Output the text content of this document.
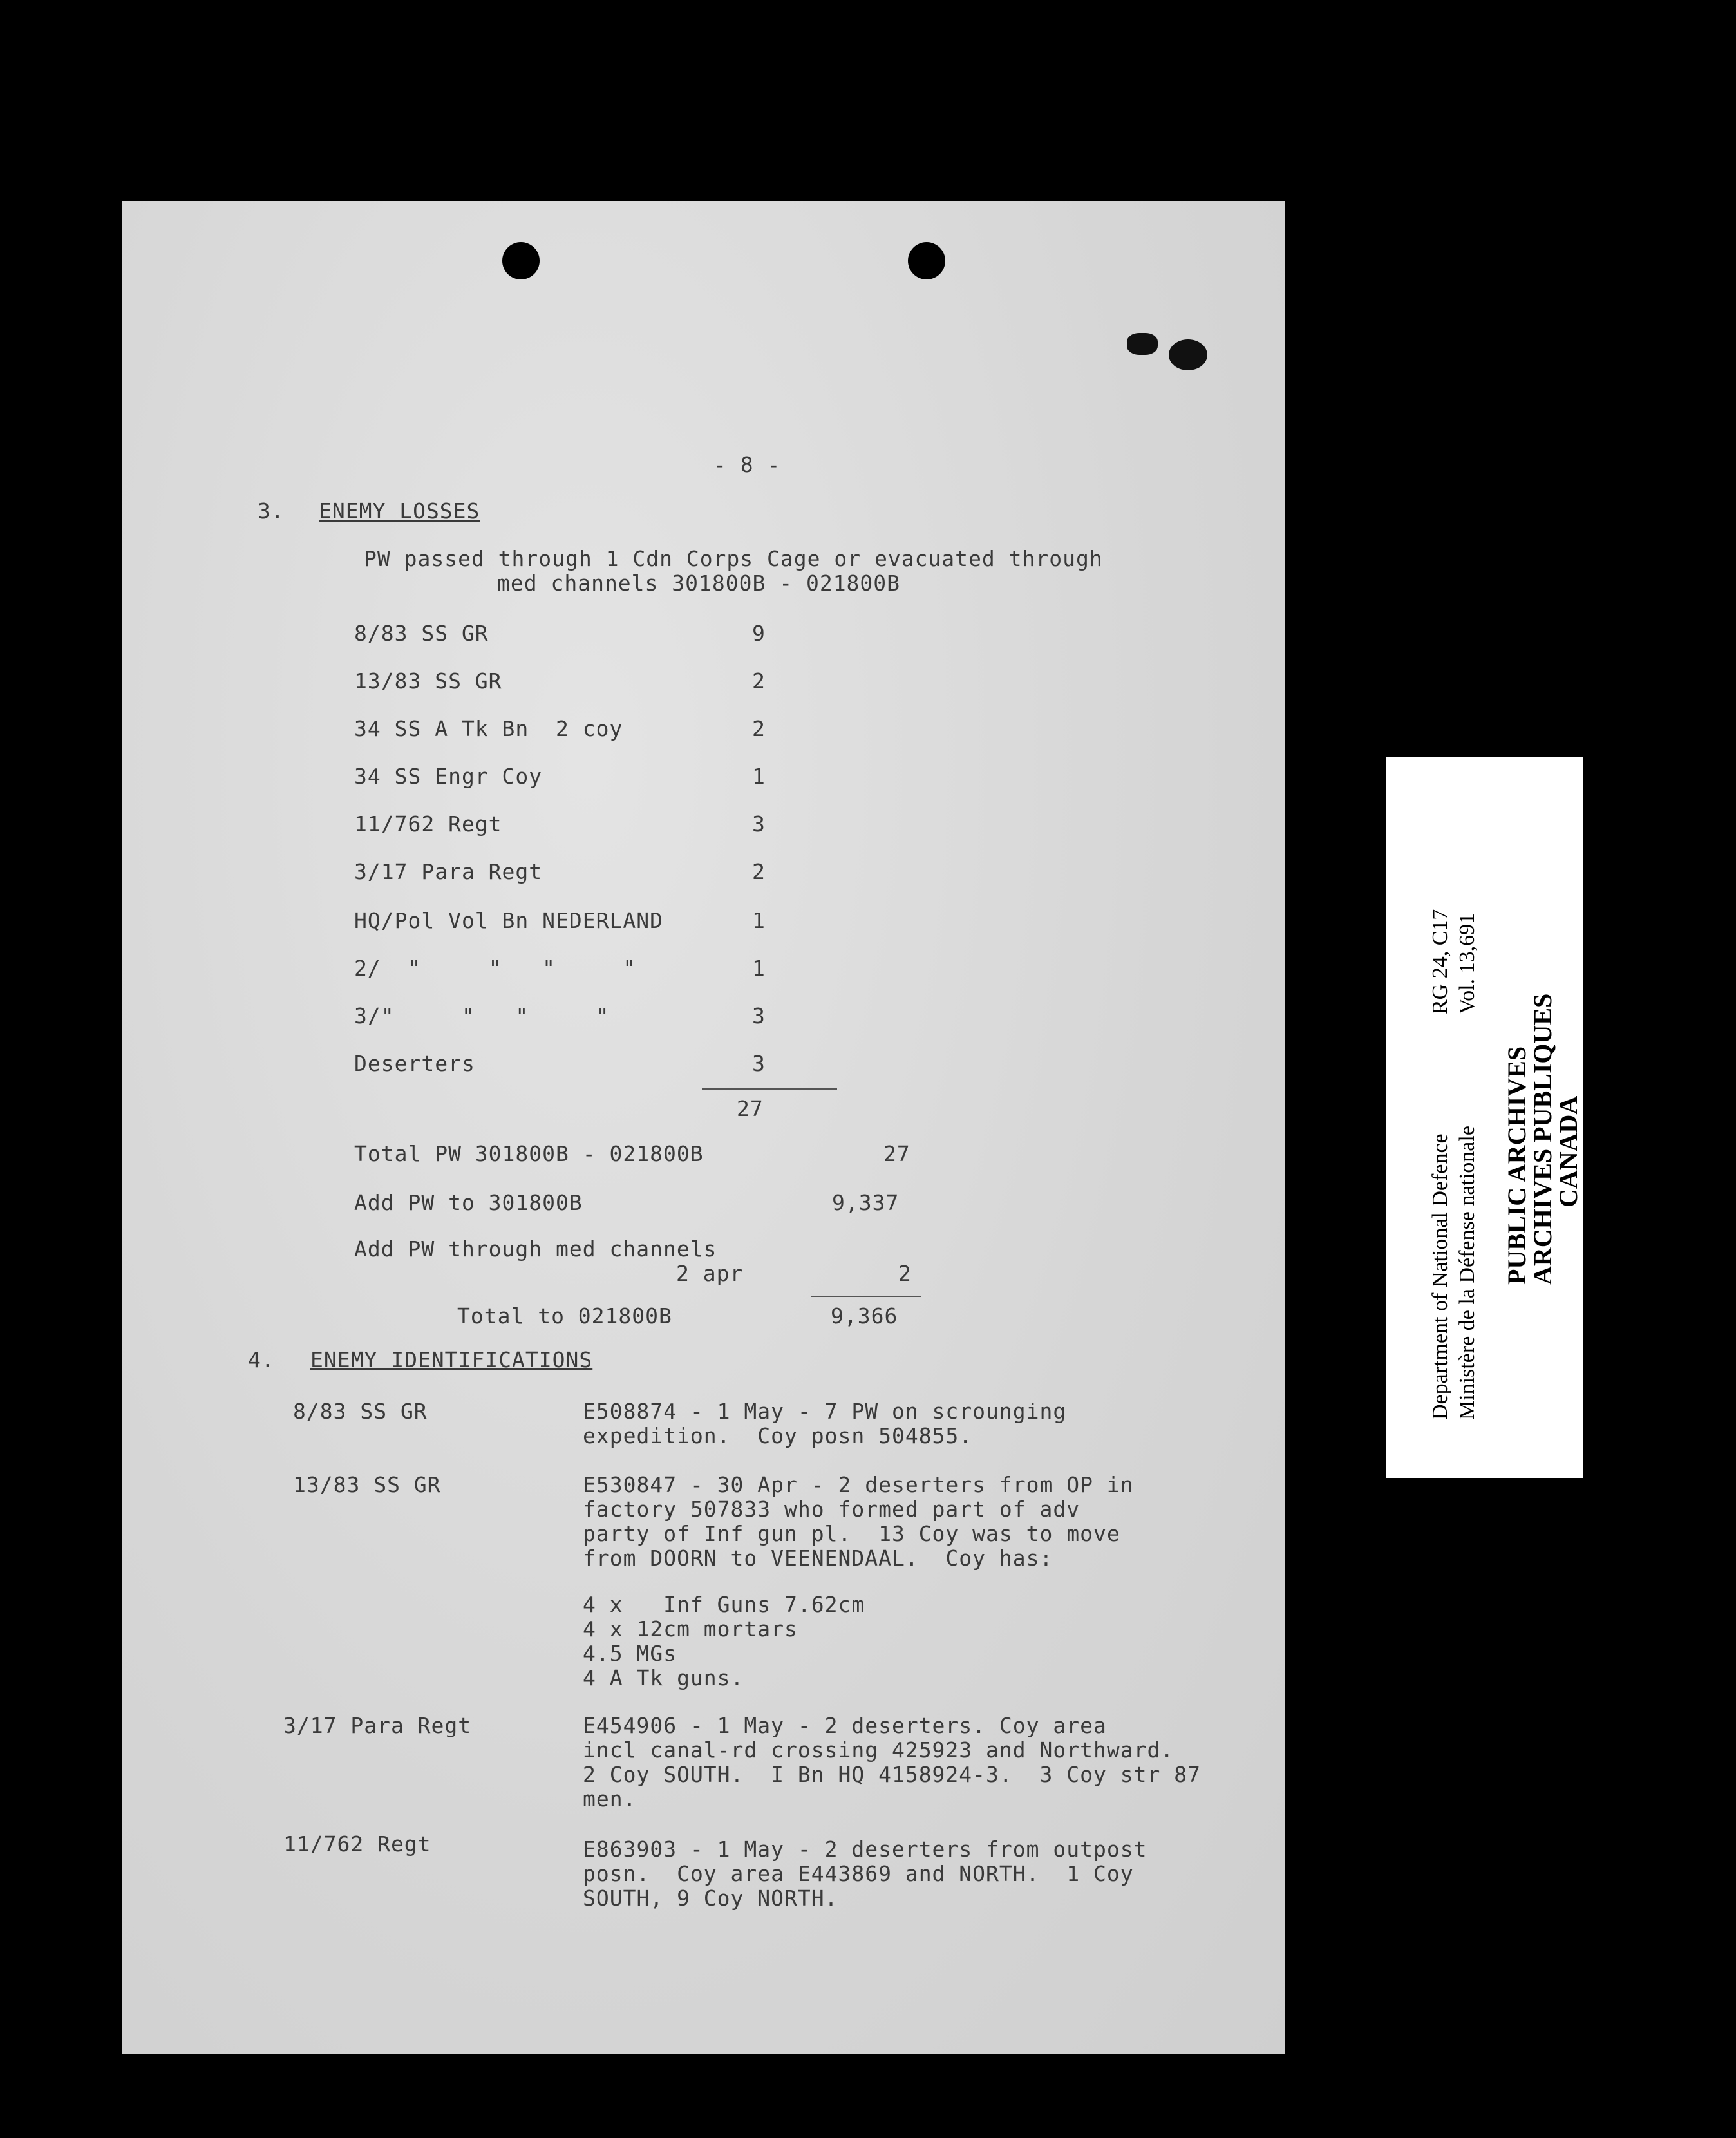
- 8 -
3. ENEMY LOSSES
PW passed through 1 Cdn Corps Cage or evacuated through
med channels 301800B - 021800B
8/83 SS GR	9
13/83 SS GR	2
34 SS A Tk Bn  2 coy	2
34 SS Engr Coy	1
11/762 Regt	3
3/17 Para Regt	2
HQ/Pol Vol Bn NEDERLAND	1
2/  "     "   "     "	1
3/"     "   "     "	3
Deserters	3
27
Total PW 301800B - 021800B	27
Add PW to 301800B	9,337
Add PW through med channels
2 apr	2
Total to 021800B	9,366
4. ENEMY IDENTIFICATIONS
8/83 SS GR	E508874 - 1 May - 7 PW on scrounging
expedition.  Coy posn 504855.
13/83 SS GR	E530847 - 30 Apr - 2 deserters from OP in
factory 507833 who formed part of adv
party of Inf gun pl.  13 Coy was to move
from DOORN to VEENENDAAL.  Coy has:
4 x   Inf Guns 7.62cm
4 x 12cm mortars
4.5 MGs
4 A Tk guns.
3/17 Para Regt	E454906 - 1 May - 2 deserters. Coy area
incl canal-rd crossing 425923 and Northward.
2 Coy SOUTH.  I Bn HQ 4158924-3.  3 Coy str 87
men.
11/762 Regt	E863903 - 1 May - 2 deserters from outpost
posn.  Coy area E443869 and NORTH.  1 Coy
SOUTH, 9 Coy NORTH.
Department of National Defence Ministère de la Défense nationale
RG 24, C17 Vol. 13,691
PUBLIC ARCHIVES
ARCHIVES PUBLIQUES
CANADA
